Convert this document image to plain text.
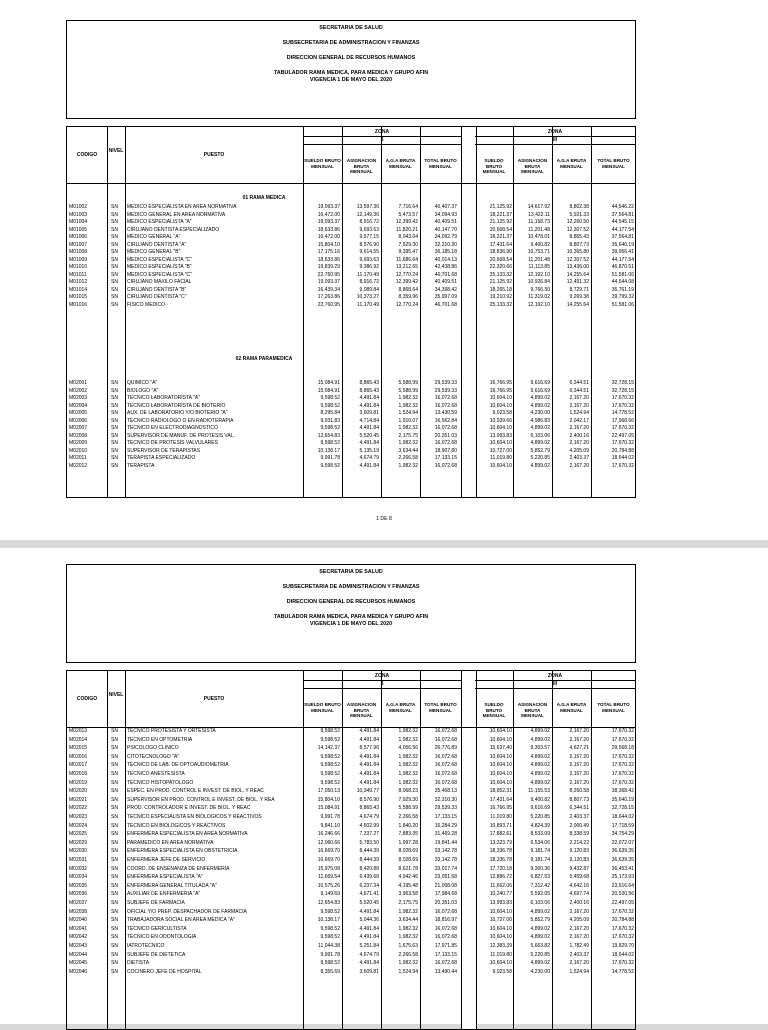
SECRETARIA DE SALUD
SUBSECRETARIA DE ADMINISTRACION Y FINANZAS
DIRECCION GENERAL DE RECURSOS HUMANOS
TABULADOR RAMA MEDICA, PARA MEDICA Y GRUPO AFIN
VIGENCIA 1 DE MAYO DEL 2020
CODIGO
NIVEL
PUESTO
ZONA
II
ZONA
III
SUELDO BRUTO MENSUAL
ASIGNACION BRUTA MENSUAL
A.G.A BRUTA MENSUAL
TOTAL BRUTO MENSUAL
SUELDO BRUTO MENSUAL
ASIGNACION BRUTA MENSUAL
A.G.A BRUTA MENSUAL
TOTAL BRUTO MENSUAL
01 RAMA MEDICA
M01002	SN MEDICO ESPECIALISTA EN AREA NORMATIVA	19,093.37	13,597.36	7,716.64	40,407.37	21,125.92	14,617.92	8,802.38	44,546.22
M01003	SN MEDICO GENERAL EN AREA NORMATIVA	16,472.00	12,149.36	5,473.57	34,094.93	18,221.37	13,422.11	5,921.33	37,564.81
M01004	SN MEDICO ESPECIALISTA "A"	19,093.37	8,916.72	12,399.42	40,409.51	21,125.92	11,158.73	12,260.50	44,545.15
M01005	SN CIRUJANO DENTISTA ESPECIALIZADO	18,633.86	9,693.63	11,820.21	40,147.70	20,668.54	11,201.48	12,307.52	44,177.54
M01006	SN MEDICO GENERAL "A"	16,472.00	9,577.15	8,043.64	34,092.79	18,221.37	10,478.01	8,865.43	37,564.81
M01007	SN CIRUJANO DENTISTA "A"	15,804.10	8,576.90	7,929.30	32,310.30	17,431.64	9,400.82	8,807.73	35,640.19
M01008	SN MEDICO GENERAL "B"	17,175.16	9,614.55	9,395.47	36,185.18	18,836.90	10,753.71	10,365.80	39,956.41
M01009	SN MEDICO ESPECIALISTA "C"	18,633.86	9,693.63	11,686.64	40,014.13	20,668.54	11,201.48	12,307.52	44,177.54
M01010	SN MEDICO ESPECIALISTA "B"	19,839.29	9,386.92	13,212.65	42,438.86	22,320.66	11,113.85	13,436.00	46,870.51
M01011	SN MEDICO ESPECIALISTA "C"	22,760.95	11,170.49	12,770.24	46,701.68	25,133.32	12,192.10	14,255.64	51,581.06
M01012	SN CIRUJANO MAXILO FACIAL	19,093.37	8,916.72	12,399.42	40,409.51	21,125.92	10,926.84	12,491.32	44,544.08
M01014	SN CIRUJANO DENTISTA "B"	16,439.34	9,089.84	8,868.64	34,398.42	18,265.18	9,766.30	8,729.71	36,761.19
M01015	SN CIRUJANO DENTISTA "C"	17,263.86	10,373.27	8,359.96	35,997.09	19,210.92	11,319.02	9,269.38	39,799.32
M01016	SN FISICO MEDICO	22,760.95	11,170.49	12,770.24	46,701.68	25,133.32	12,192.10	14,255.64	51,581.06
02 RAMA PARAMEDICA
M02001	SN QUIMICO "A"	15,084.91	8,865.43	5,588.99	29,539.33	16,766.95	9,616.69	6,344.51	32,728.15
M02002	SN BIOLOGO "A"	15,084.91	8,865.43	5,588.99	29,539.33	16,766.95	9,616.69	6,344.51	32,728.15
M02003	SN TECNICO LABORATORISTA "A"	9,598.52	4,491.84	1,982.32	16,072.68	10,604.10	4,899.02	2,167.20	17,670.32
M02004	SN TECNICO LABORATORISTA DE BIOTERIO	9,598.52	4,491.84	1,982.32	16,072.68	10,604.10	4,899.02	2,167.20	17,670.32
M02005	SN AUX. DE LABORATORIO Y/O BIOTERIO "A"	8,295.84	3,609.81	1,524.94	13,430.59	9,023.58	4,230.00	1,524.94	14,778.52
M02006	SN TECNICO RADIOLOGO O EN RADIOTERAPIA	9,931.83	4,714.84	1,916.07	16,562.84	10,939.66	4,986.83	2,042.17	17,968.66
M02007	SN TECNICO EN ELECTRODIAGNOSTICO	9,598.52	4,491.84	1,982.32	16,072.68	10,604.10	4,899.02	2,167.20	17,670.32
M02008	SN SUPERVISOR DE MANUF. DE PROTESIS VAL.	12,654.83	5,520.45	2,175.75	20,351.03	13,993.83	6,103.06	2,400.16	22,497.05
M02009	SN TECNICO DE PROTESIS VALVULARES	9,598.52	4,491.84	1,982.32	16,072.68	10,604.10	4,899.02	2,167.20	17,670.32
M02010	SN SUPERVISOR DE TERAPISTAS	10,138.17	5,135.19	3,634.44	18,907.80	10,727.00	5,852.79	4,205.09	20,784.88
M02011	SN TERAPISTA ESPECIALIZADO	9,991.78	4,674.79	2,266.58	17,133.15	11,019.80	5,220.85	2,403.37	18,644.02
M02012	SN TERAPISTA	9,598.52	4,491.84	1,982.32	16,072.68	10,604.10	4,899.02	2,167.20	17,670.32
1 DE 8
SECRETARIA DE SALUD
SUBSECRETARIA DE ADMINISTRACION Y FINANZAS
DIRECCION GENERAL DE RECURSOS HUMANOS
TABULADOR RAMA MEDICA, PARA MEDICA Y GRUPO AFIN
VIGENCIA 1 DE MAYO DEL 2020
CODIGO
NIVEL
PUESTO
ZONA
II
ZONA
III
SUELDO BRUTO MENSUAL
ASIGNACION BRUTA MENSUAL
A.G.A BRUTA MENSUAL
TOTAL BRUTO MENSUAL
SUELDO BRUTO MENSUAL
ASIGNACION BRUTA MENSUAL
A.G.A BRUTA MENSUAL
TOTAL BRUTO MENSUAL
M02013	SN TECNICO PROTESISTA Y ORTESISTA	9,598.52	4,491.84	1,982.32	16,072.68	10,604.10	4,899.02	2,167.20	17,670.32
M02014	SN TECNICO EN OPTOMETRIA	9,598.52	4,491.84	1,982.32	16,072.68	10,604.10	4,899.02	2,167.20	17,670.32
M02015	SN PSICOLOGO CLINICO	14,142.37	8,577.96	4,056.56	26,776.89	15,637.40	9,303.57	4,627.21	29,568.18
M02016	SN CITOTECNOLOGO "A"	9,598.52	4,491.84	1,982.32	16,072.68	10,604.10	4,899.02	2,167.20	17,670.32
M02017	SN TECNICO DE LAB. DE OPTOAUDIOMETRIA	9,598.52	4,491.84	1,982.32	16,072.68	10,604.10	4,899.02	2,167.20	17,670.32
M02018	SN TECNICO ANESTESISTA	9,598.52	4,491.84	1,982.32	16,072.68	10,604.10	4,899.02	2,167.20	17,670.32
M02019	SN TECNICO HISTOPATOLOGO	9,598.52	4,491.84	1,982.32	16,072.68	10,604.10	4,899.02	2,167.20	17,670.32
M02020	SN ESPEC. EN PROD. CONTROL E INVEST. DE BIOL. Y REAC	17,050.13	10,349.77	8,068.23	35,468.13	18,952.31	11,155.53	8,260.58	38,368.42
M02021	SN SUPERVISOR EN PROD. CONTROL E INVEST. DE BIOL. Y REA	15,804.10	8,576.90	7,929.30	32,310.30	17,431.64	9,400.82	8,807.73	35,640.19
M02022	SN PROD. CONTROLADOR E INVEST. DE BIOL. Y REAC	15,084.91	8,865.43	5,588.99	29,539.33	16,766.95	9,616.69	6,344.51	32,728.15
M02023	SN TECNICO ESPECIALISTA EN BIOLOGICOS Y REACTIVOS	9,991.78	4,674.79	2,266.58	17,133.15	11,019.80	5,220.85	2,403.37	18,644.02
M02024	SN TECNICO EN BIOLOGICOS Y REACTIVOS	9,841.10	4,602.99	1,840.20	16,284.29	10,893.71	4,824.39	2,000.49	17,718.59
M02025	SN ENFERMERA ESPECIALISTA EN AREA NORMATIVA	16,246.66	7,337.27	7,883.35	31,469.28	17,882.61	8,533.09	8,338.59	34,754.29
M02029	SN PARAMEDICO EN AREA NORMATIVA	12,060.66	5,783.50	1,997.28	19,841.44	13,323.79	6,534.06	2,214.22	22,072.07
M02030	SN ENFERMERA ESPECIALISTA EN OBSTETRICIA	16,669.70	8,444.39	8,028.69	33,142.78	18,336.78	9,181.74	9,120.83	36,639.35
M02031	SN ENFERMERA JEFE DE SERVICIO	16,669.70	8,444.39	8,028.69	33,142.78	18,336.78	9,181.74	9,120.83	36,639.35
M02032	SN COORD. DE ENSEÑANZA DE ENFERMERIA	15,975.08	8,420.88	8,621.78	33,017.74	17,720.18	9,300.36	9,432.87	36,453.41
M02034	SN ENFERMERA ESPECIALISTA "A"	11,669.54	6,439.68	4,942.46	23,051.68	12,886.72	6,827.53	5,459.68	25,173.93
M02035	SN ENFERMERA GENERAL TITULADA "A"	10,575.26	6,237.34	4,195.48	21,008.08	11,662.06	7,312.42	4,642.16	23,616.64
M02036	SN AUXILIAR DE ENFERMERIA "A"	9,149.69	4,671.41	3,963.58	17,984.68	10,240.77	5,592.05	4,697.74	20,530.56
M02037	SN SUBJEFE DE FARMACIA	12,654.83	5,520.45	2,175.75	20,351.03	13,993.83	6,103.06	2,400.16	22,497.05
M02038	SN OFICIAL Y/O PREP. DESPACHADOR DE FARMACIA	9,598.52	4,491.84	1,982.32	16,072.68	10,604.10	4,899.02	2,167.20	17,670.32
M02040	SN TRABAJADORA SOCIAL EN AREA MEDICA "A"	10,138.17	5,044.36	3,634.44	18,816.97	10,727.00	5,852.79	4,205.09	20,784.88
M02041	SN TECNICO GERICULTISTA	9,598.52	4,491.84	1,982.32	16,072.68	10,604.10	4,899.02	2,167.20	17,670.32
M02042	SN TECNICO EN ODONTOLOGIA	9,598.52	4,491.84	1,982.32	16,072.68	10,604.10	4,899.02	2,167.20	17,670.32
M02043	SN IATROTECNICO	11,044.38	5,251.84	1,675.63	17,971.85	12,383.39	5,663.82	1,782.49	19,829.70
M02044	SN SUBJEFE DE DIETETICA	9,991.78	4,674.79	2,266.58	17,133.15	11,019.80	5,220.85	2,403.37	18,644.02
M02045	SN DIETISTA	9,598.52	4,491.84	1,982.32	16,072.68	10,604.10	4,899.02	2,167.20	17,670.32
M02046	SN COCINERO JEFE DE HOSPITAL	8,355.69	3,609.81	1,524.94	13,490.44	9,023.58	4,230.00	1,524.94	14,778.52
